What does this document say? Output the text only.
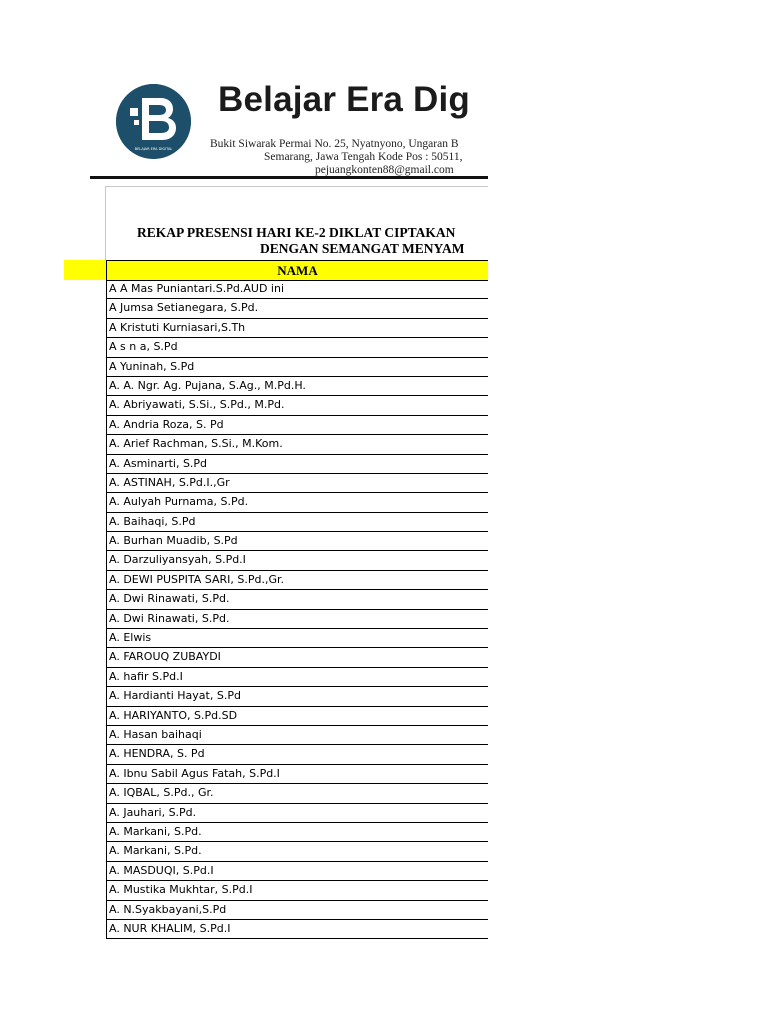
BELAJAR ERA DIGITAL
Belajar Era Dig
Bukit Siwarak Permai No. 25, Nyatnyono, Ungaran B
Semarang, Jawa Tengah Kode Pos : 50511,
pejuangkonten88@gmail.com
REKAP PRESENSI HARI KE-2 DIKLAT CIPTAKAN
DENGAN SEMANGAT MENYAM
NAMA
A A Mas Puniantari.S.Pd.AUD ini
A Jumsa Setianegara, S.Pd.
A Kristuti Kurniasari,S.Th
A s n a, S.Pd
A Yuninah, S.Pd
A. A. Ngr. Ag. Pujana, S.Ag., M.Pd.H.
A. Abriyawati, S.Si., S.Pd., M.Pd.
A. Andria Roza, S. Pd
A. Arief Rachman, S.Si., M.Kom.
A. Asminarti, S.Pd
A. ASTINAH, S.Pd.I.,Gr
A. Aulyah Purnama, S.Pd.
A. Baihaqi, S.Pd
A. Burhan Muadib, S.Pd
A. Darzuliyansyah, S.Pd.I
A. DEWI PUSPITA SARI, S.Pd.,Gr.
A. Dwi Rinawati, S.Pd.
A. Dwi Rinawati, S.Pd.
A. Elwis
A. FAROUQ ZUBAYDI
A. hafir S.Pd.I
A. Hardianti Hayat, S.Pd
A. HARIYANTO, S.Pd.SD
A. Hasan baihaqi
A. HENDRA, S. Pd
A. Ibnu Sabil Agus Fatah, S.Pd.I
A. IQBAL, S.Pd., Gr.
A. Jauhari, S.Pd.
A. Markani, S.Pd.
A. Markani, S.Pd.
A. MASDUQI, S.Pd.I
A. Mustika Mukhtar, S.Pd.I
A. N.Syakbayani,S.Pd
A. NUR KHALIM, S.Pd.I
